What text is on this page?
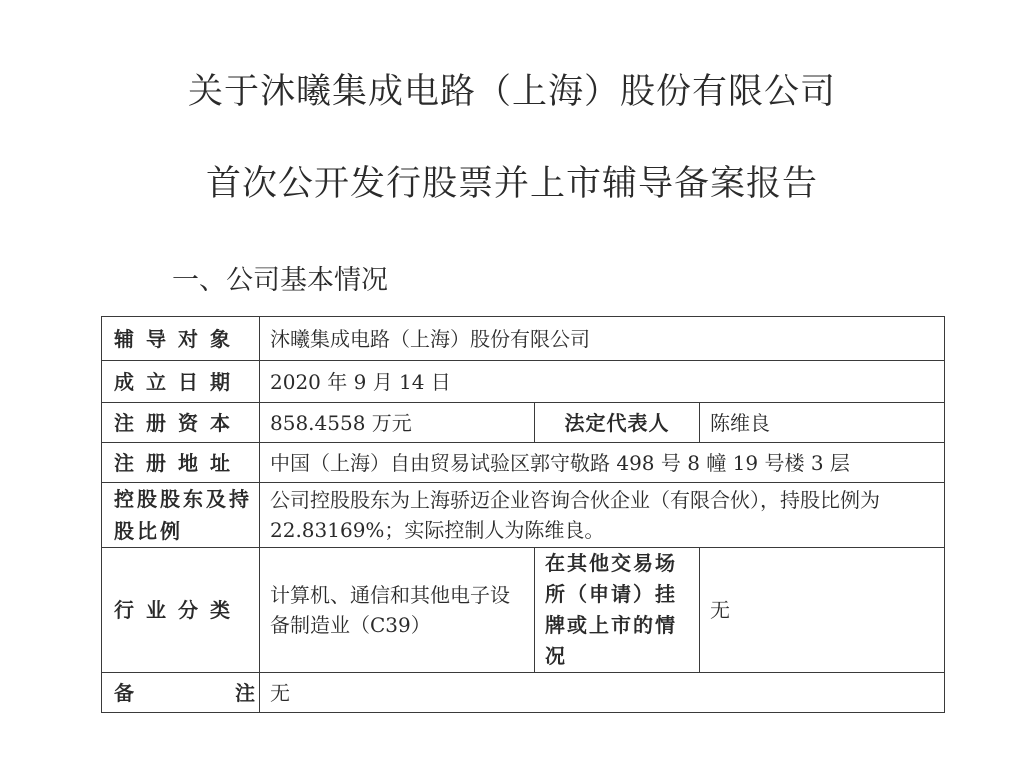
关于沐曦集成电路（上海）股份有限公司
首次公开发行股票并上市辅导备案报告
一、公司基本情况
辅导对象	沐曦集成电路（上海）股份有限公司		
成立日期	2020 年 9 月 14 日		
注册资本	858.4558 万元	法定代表人	陈维良
注册地址	中国（上海）自由贸易试验区郭守敬路 498 号 8 幢 19 号楼 3 层		
控股股东及持股比例	公司控股股东为上海骄迈企业咨询合伙企业（有限合伙），持股比例为 22.83169%；实际控制人为陈维良。		
行业分类	计算机、通信和其他电子设备制造业（C39）	在其他交易场所（申请）挂牌或上市的情况	无

备 注	无		
